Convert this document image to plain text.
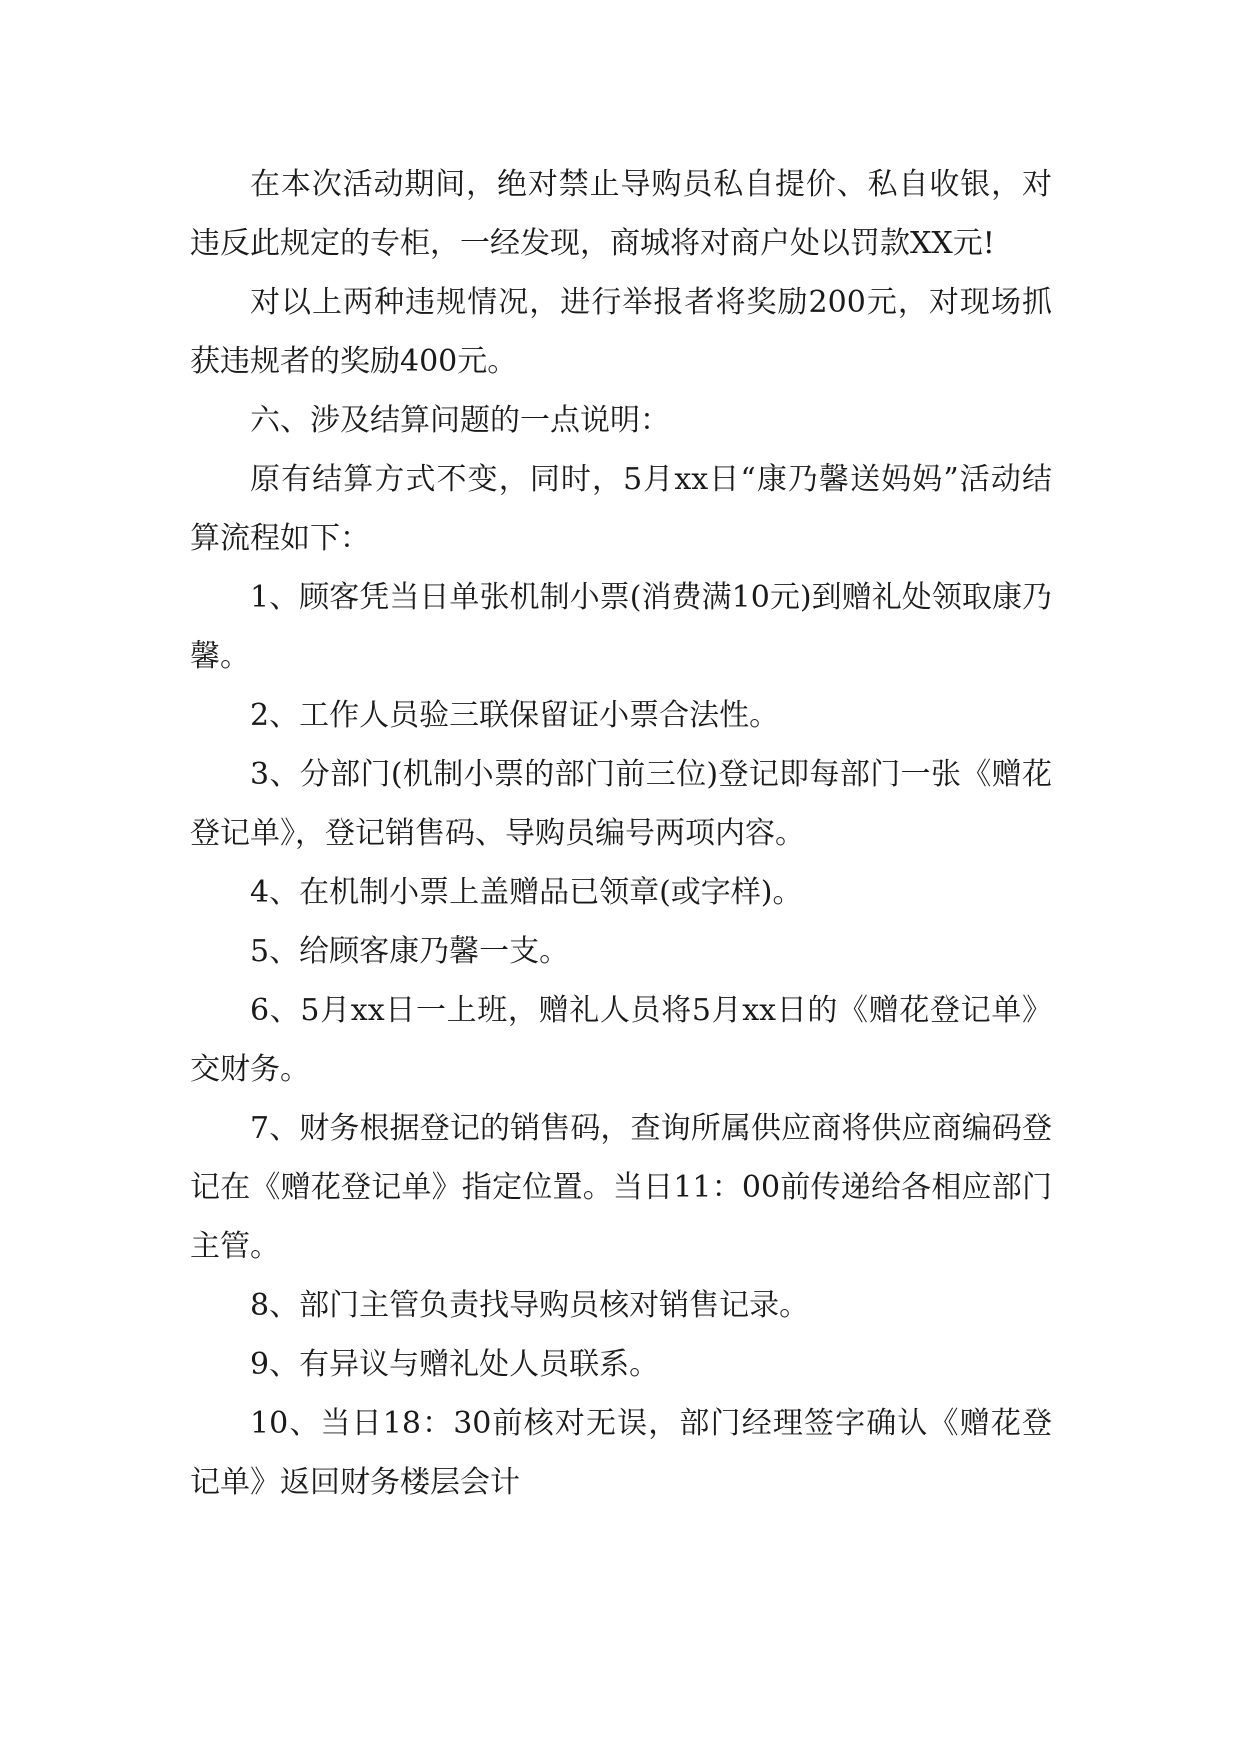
在本次活动期间，绝对禁止导购员私自提价、私自收银，对违反此规定的专柜，一经发现，商城将对商户处以罚款XX元!

对以上两种违规情况，进行举报者将奖励200元，对现场抓获违规者的奖励400元。

六、涉及结算问题的一点说明：

原有结算方式不变，同时，5月xx日“康乃馨送妈妈”活动结算流程如下：

1、顾客凭当日单张机制小票(消费满10元)到赠礼处领取康乃馨。

2、工作人员验三联保留证小票合法性。

3、分部门(机制小票的部门前三位)登记即每部门一张《赠花登记单》，登记销售码、导购员编号两项内容。

4、在机制小票上盖赠品已领章(或字样)。

5、给顾客康乃馨一支。

6、5月xx日一上班，赠礼人员将5月xx日的《赠花登记单》交财务。

7、财务根据登记的销售码，查询所属供应商将供应商编码登记在《赠花登记单》指定位置。当日11：00前传递给各相应部门主管。

8、部门主管负责找导购员核对销售记录。

9、有异议与赠礼处人员联系。

10、当日18：30前核对无误，部门经理签字确认《赠花登记单》返回财务楼层会计
